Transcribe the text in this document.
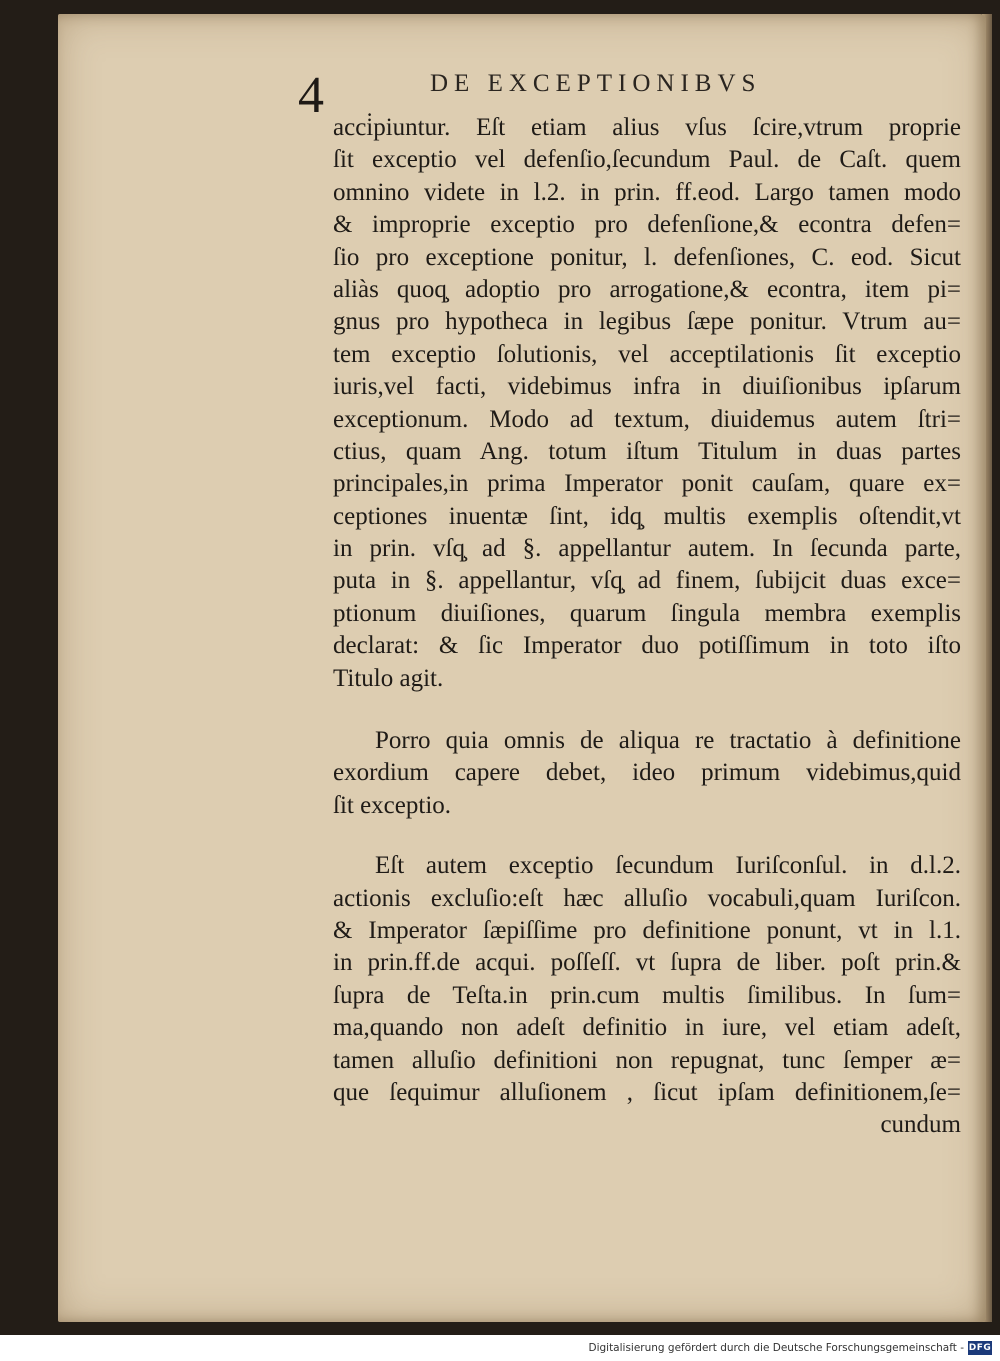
4	DE EXCEPTIONIBVS
acci̇piuntur. Eſt etiam alius vſus ſcire,vtrum proprie
ſit exceptio vel defenſio,ſecundum Paul. de Caſt. quem
omnino videte in l.2. in prin. ff.eod. Largo tamen modo
& improprie exceptio pro defenſione,& econtra defen=
ſio pro exceptione ponitur, l. defenſiones, C. eod. Sicut
aliàs quoq̧ adoptio pro arrogatione,& econtra, item pi=
gnus pro hypotheca in legibus ſæpe ponitur. Vtrum au=
tem exceptio ſolutionis, vel acceptilationis ſit exceptio
iuris,vel facti, videbimus infra in diuiſionibus ipſarum
exceptionum. Modo ad textum, diuidemus autem ſtri=
ctius, quam Ang. totum iſtum Titulum in duas partes
principales,in prima Imperator ponit cauſam, quare ex=
ceptiones inuentæ ſint, idq̧ multis exemplis oſtendit,vt
in prin. vſq̧ ad §. appellantur autem. In ſecunda parte,
puta in §. appellantur, vſq̧ ad finem, ſubijcit duas exce=
ptionum diuiſiones, quarum ſingula membra exemplis
declarat: & ſic Imperator duo potiſſimum in toto iſto
Titulo agit.
Porro quia omnis de aliqua re tractatio à definitione
exordium capere debet, ideo primum videbimus,quid
ſit exceptio.
Eſt autem exceptio ſecundum Iuriſconſul. in d.l.2.
actionis excluſio:eſt hæc alluſio vocabuli,quam Iuriſcon.
& Imperator ſæpiſſime pro definitione ponunt, vt in l.1.
in prin.ff.de acqui. poſſeſſ. vt ſupra de liber. poſt prin.&
ſupra de Teſta.in prin.cum multis ſimilibus. In ſum=
ma,quando non adeſt definitio in iure, vel etiam adeſt,
tamen alluſio definitioni non repugnat, tunc ſemper æ=
que ſequimur alluſionem , ſicut ipſam definitionem,ſe=
cundum
Digitalisierung gefördert durch die Deutsche Forschungsgemeinschaft - DFG
